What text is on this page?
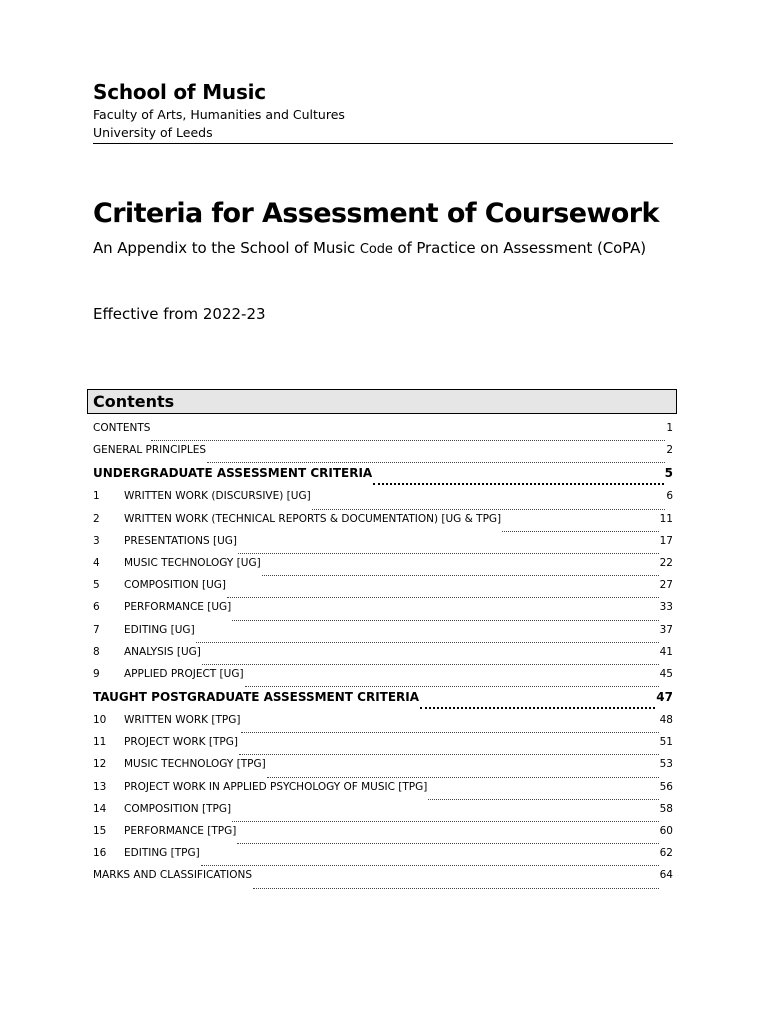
School of Music
Faculty of Arts, Humanities and Cultures
University of Leeds
Criteria for Assessment of Coursework
An Appendix to the School of Music Code of Practice on Assessment (CoPA)
Effective from 2022-23
Contents
CONTENTS	1
GENERAL PRINCIPLES	2
UNDERGRADUATE ASSESSMENT CRITERIA	5
1	WRITTEN WORK (DISCURSIVE) [UG]	6
2	WRITTEN WORK (TECHNICAL REPORTS & DOCUMENTATION) [UG & TPG]	11
3	PRESENTATIONS [UG]	17
4	MUSIC TECHNOLOGY [UG]	22
5	COMPOSITION [UG]	27
6	PERFORMANCE [UG]	33
7	EDITING [UG]	37
8	ANALYSIS [UG]	41
9	APPLIED PROJECT [UG]	45
TAUGHT POSTGRADUATE ASSESSMENT CRITERIA	47
10	WRITTEN WORK [TPG]	48
11	PROJECT WORK [TPG]	51
12	MUSIC TECHNOLOGY [TPG]	53
13	PROJECT WORK IN APPLIED PSYCHOLOGY OF MUSIC [TPG]	56
14	COMPOSITION [TPG]	58
15	PERFORMANCE [TPG]	60
16	EDITING [TPG]	62
MARKS AND CLASSIFICATIONS	64
